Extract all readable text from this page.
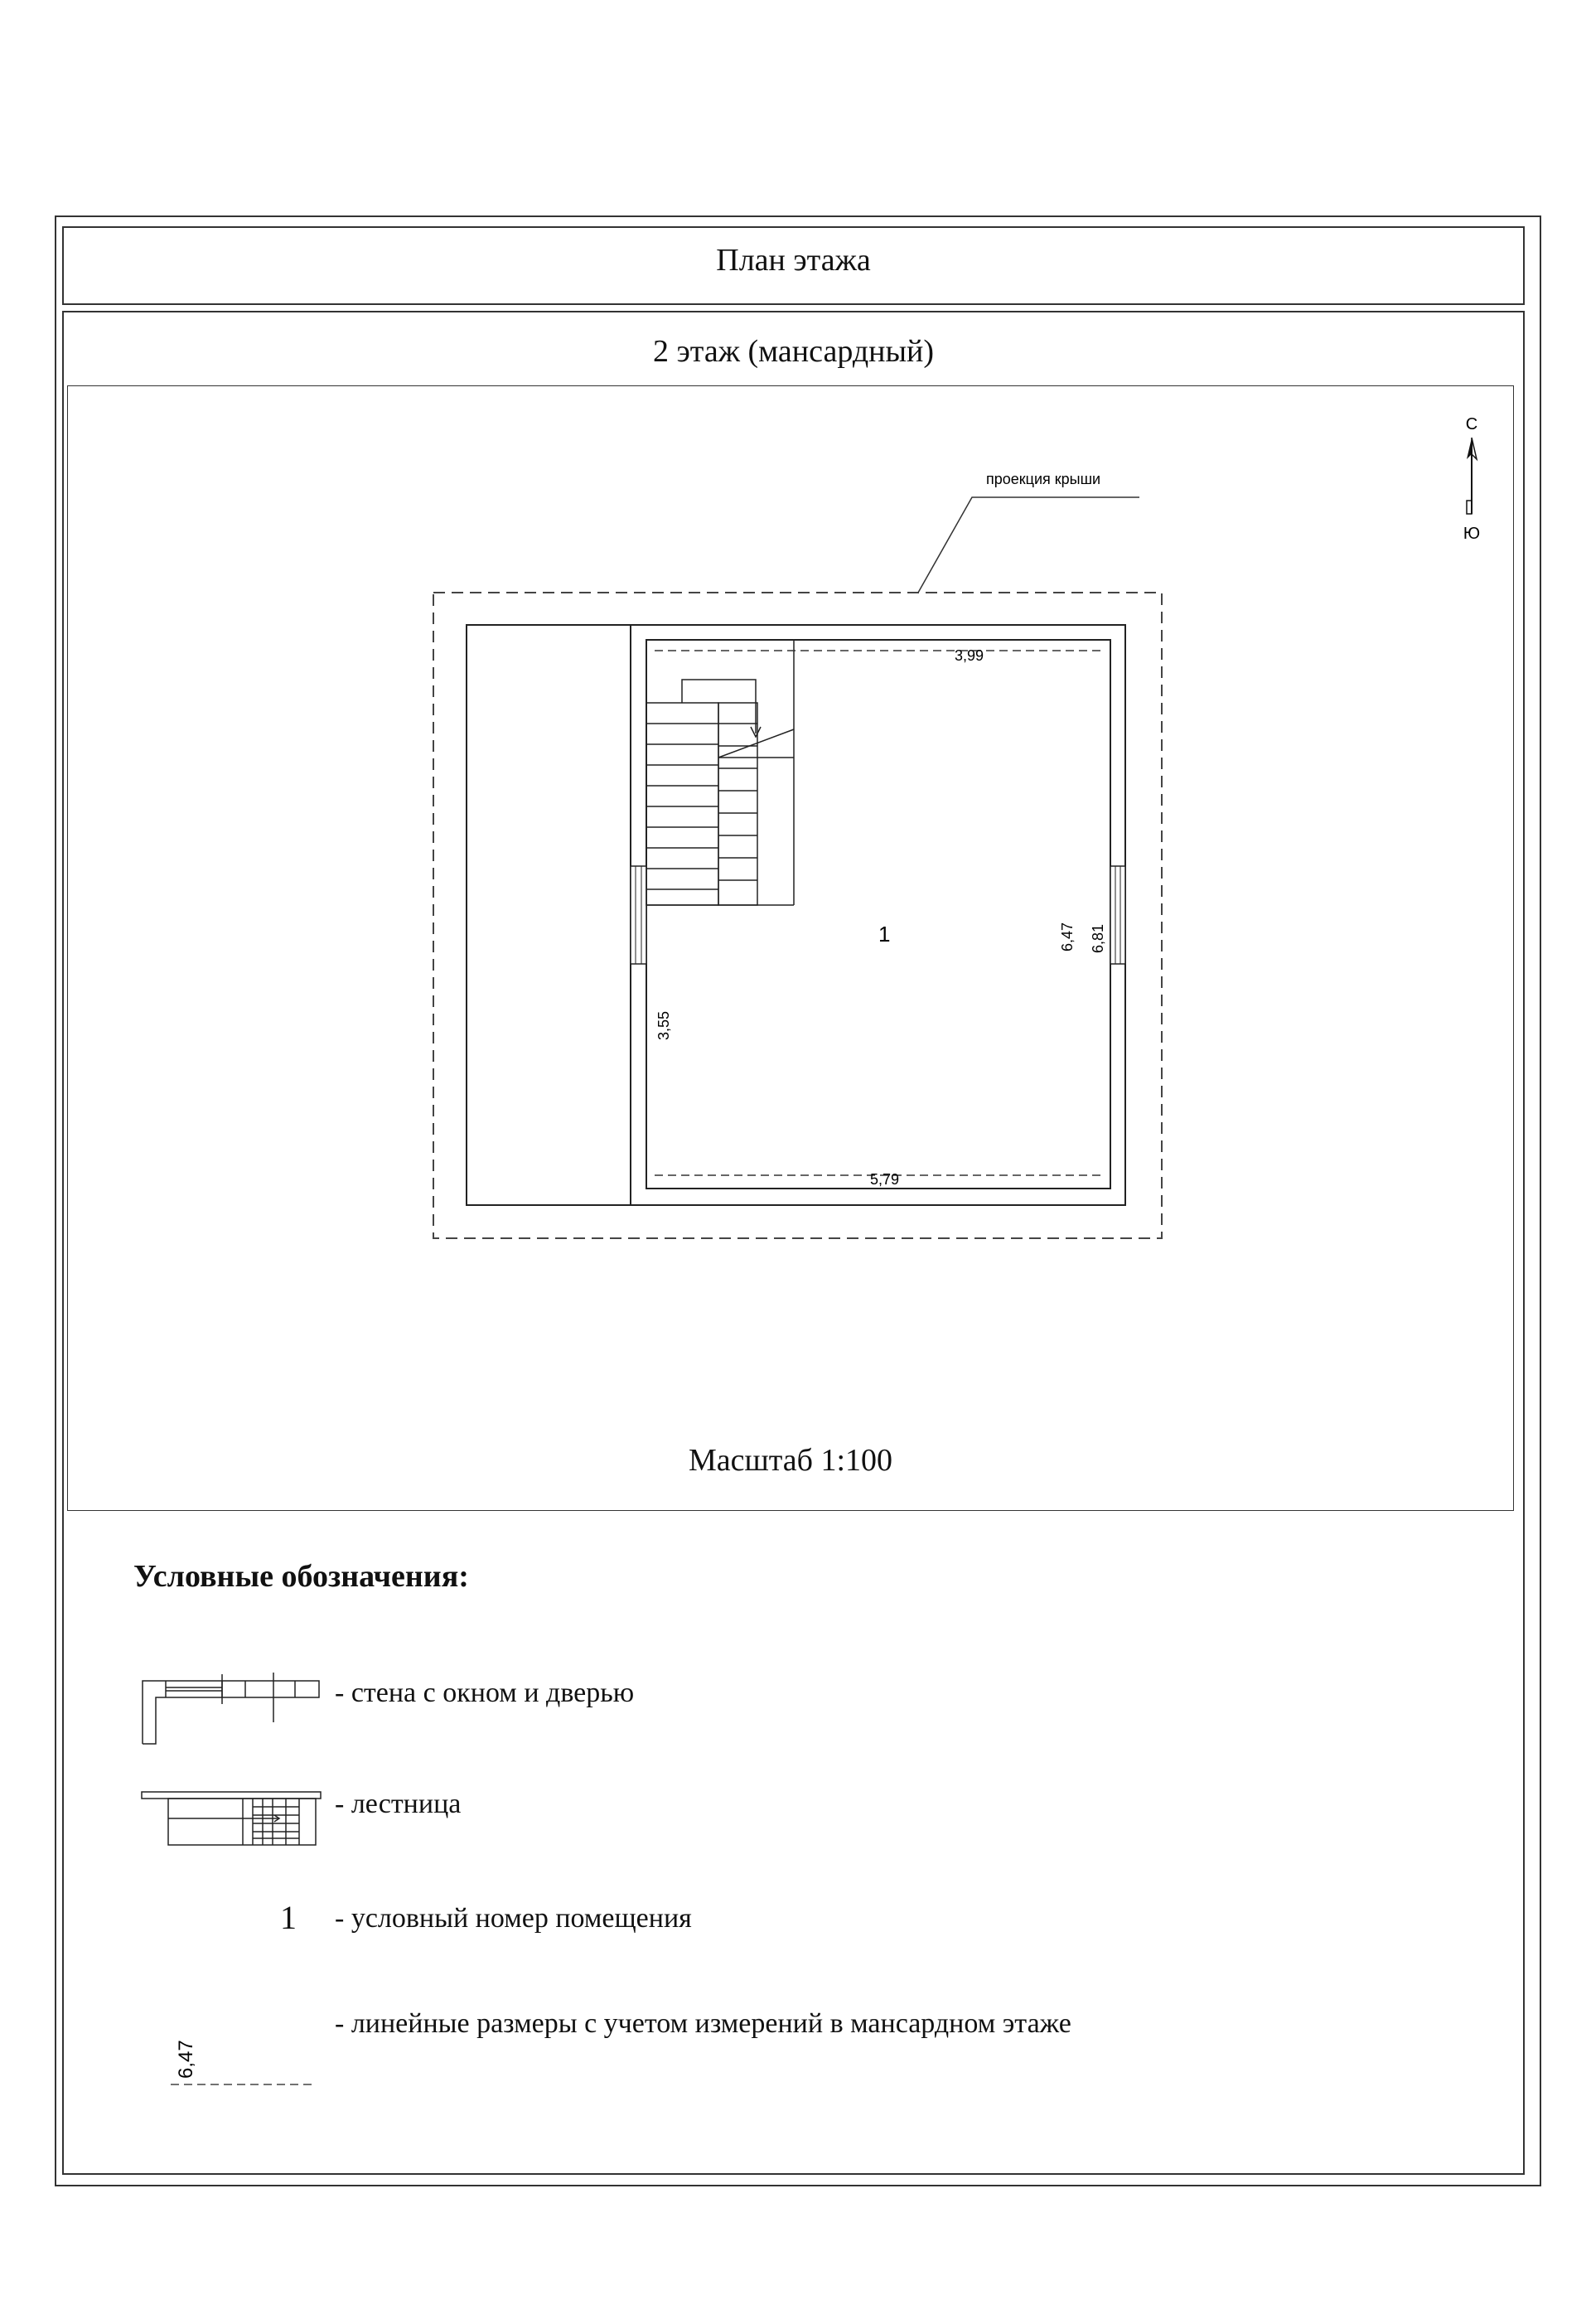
План этажа
2 этаж (мансардный)
Масштаб 1:100
С
Ю
проекция крыши
3,99
5,79
3,55
6,47 6,81
1
Условные обозначения:
- стена с окном и дверью
- лестница
1 - условный номер помещения
6,47
- линейные размеры с учетом измерений в мансардном этаже
